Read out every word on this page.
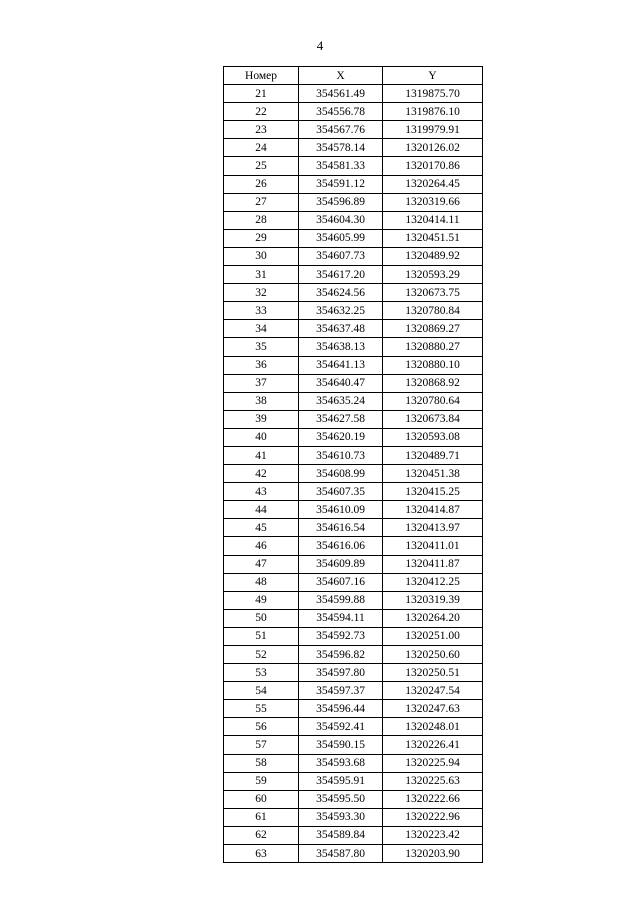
4
Номер	X	Y
21	354561.49	1319875.70
22	354556.78	1319876.10
23	354567.76	1319979.91
24	354578.14	1320126.02
25	354581.33	1320170.86
26	354591.12	1320264.45
27	354596.89	1320319.66
28	354604.30	1320414.11
29	354605.99	1320451.51
30	354607.73	1320489.92
31	354617.20	1320593.29
32	354624.56	1320673.75
33	354632.25	1320780.84
34	354637.48	1320869.27
35	354638.13	1320880.27
36	354641.13	1320880.10
37	354640.47	1320868.92
38	354635.24	1320780.64
39	354627.58	1320673.84
40	354620.19	1320593.08
41	354610.73	1320489.71
42	354608.99	1320451.38
43	354607.35	1320415.25
44	354610.09	1320414.87
45	354616.54	1320413.97
46	354616.06	1320411.01
47	354609.89	1320411.87
48	354607.16	1320412.25
49	354599.88	1320319.39
50	354594.11	1320264.20
51	354592.73	1320251.00
52	354596.82	1320250.60
53	354597.80	1320250.51
54	354597.37	1320247.54
55	354596.44	1320247.63
56	354592.41	1320248.01
57	354590.15	1320226.41
58	354593.68	1320225.94
59	354595.91	1320225.63
60	354595.50	1320222.66
61	354593.30	1320222.96
62	354589.84	1320223.42
63	354587.80	1320203.90
